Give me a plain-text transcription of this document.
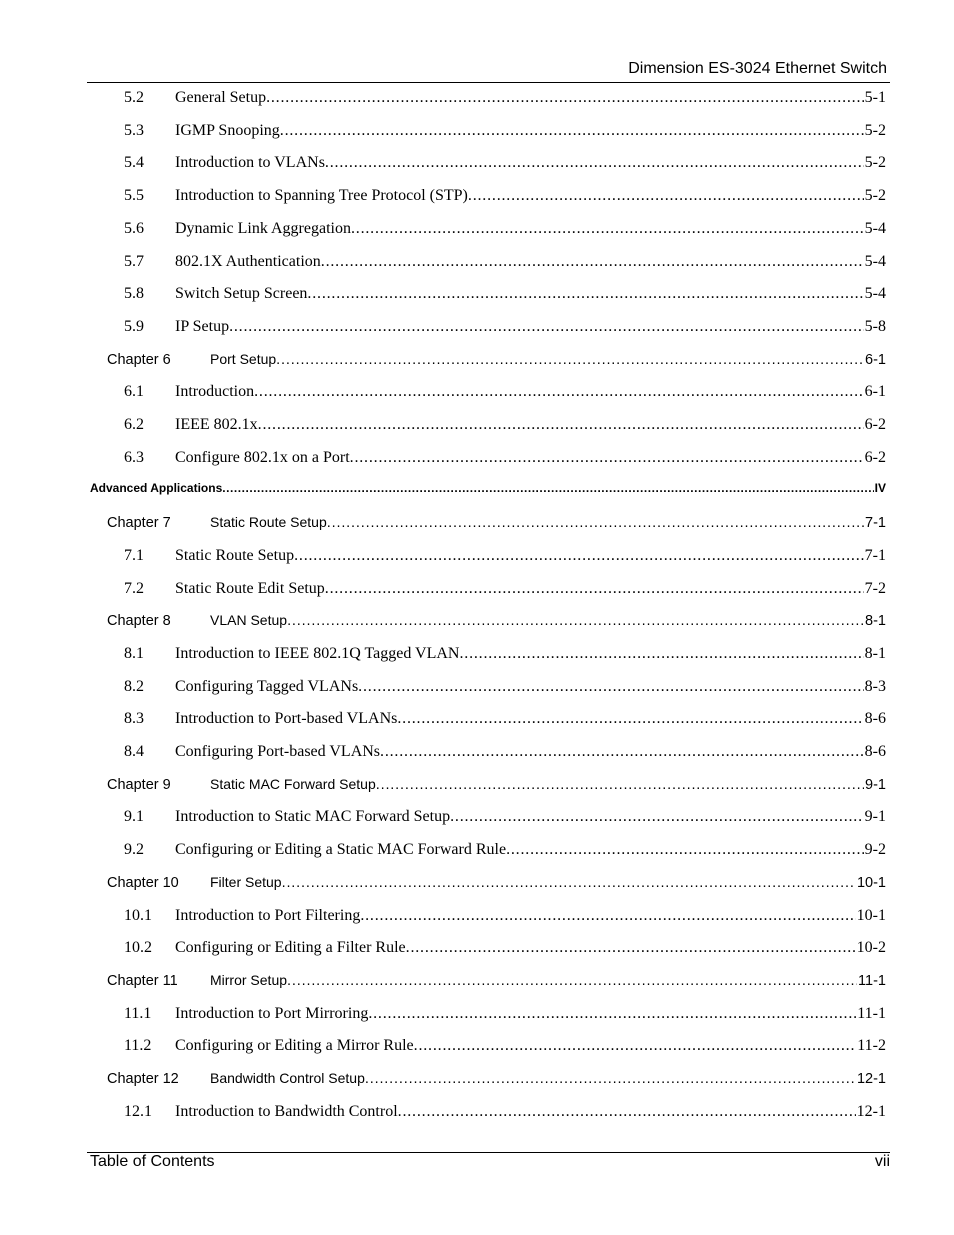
Dimension ES-3024 Ethernet Switch
5.2	General Setup . . .	5-1
5.3	IGMP Snooping . . .	5-2
5.4	Introduction to VLANs . . .	5-2
5.5	Introduction to Spanning Tree Protocol (STP) . . .	5-2
5.6	Dynamic Link Aggregation . . .	5-4
5.7	802.1X Authentication . . .	5-4
5.8	Switch Setup Screen . . .	5-4
5.9	IP Setup . . .	5-8
Chapter 6	Port Setup . . .	6-1
6.1	Introduction . . .	6-1
6.2	IEEE 802.1x . . .	6-2
6.3	Configure 802.1x on a Port . . .	6-2
Advanced Applications . . .	IV
Chapter 7	Static Route Setup . . .	7-1
7.1	Static Route Setup . . .	7-1
7.2	Static Route Edit Setup . . .	7-2
Chapter 8	VLAN Setup . . .	8-1
8.1	Introduction to IEEE 802.1Q Tagged VLAN . . .	8-1
8.2	Configuring Tagged VLANs . . .	8-3
8.3	Introduction to Port-based VLANs . . .	8-6
8.4	Configuring Port-based VLANs . . .	8-6
Chapter 9	Static MAC Forward Setup . . .	9-1
9.1	Introduction to Static MAC Forward Setup . . .	9-1
9.2	Configuring or Editing a Static MAC Forward Rule . . .	9-2
Chapter 10	Filter Setup . . .	10-1
10.1	Introduction to Port Filtering . . .	10-1
10.2	Configuring or Editing a Filter Rule . . .	10-2
Chapter 11	Mirror Setup . . .	11-1
11.1	Introduction to Port Mirroring . . .	11-1
11.2	Configuring or Editing a Mirror Rule . . .	11-2
Chapter 12	Bandwidth Control Setup . . .	12-1
12.1	Introduction to Bandwidth Control . . .	12-1
Table of Contents	vii
